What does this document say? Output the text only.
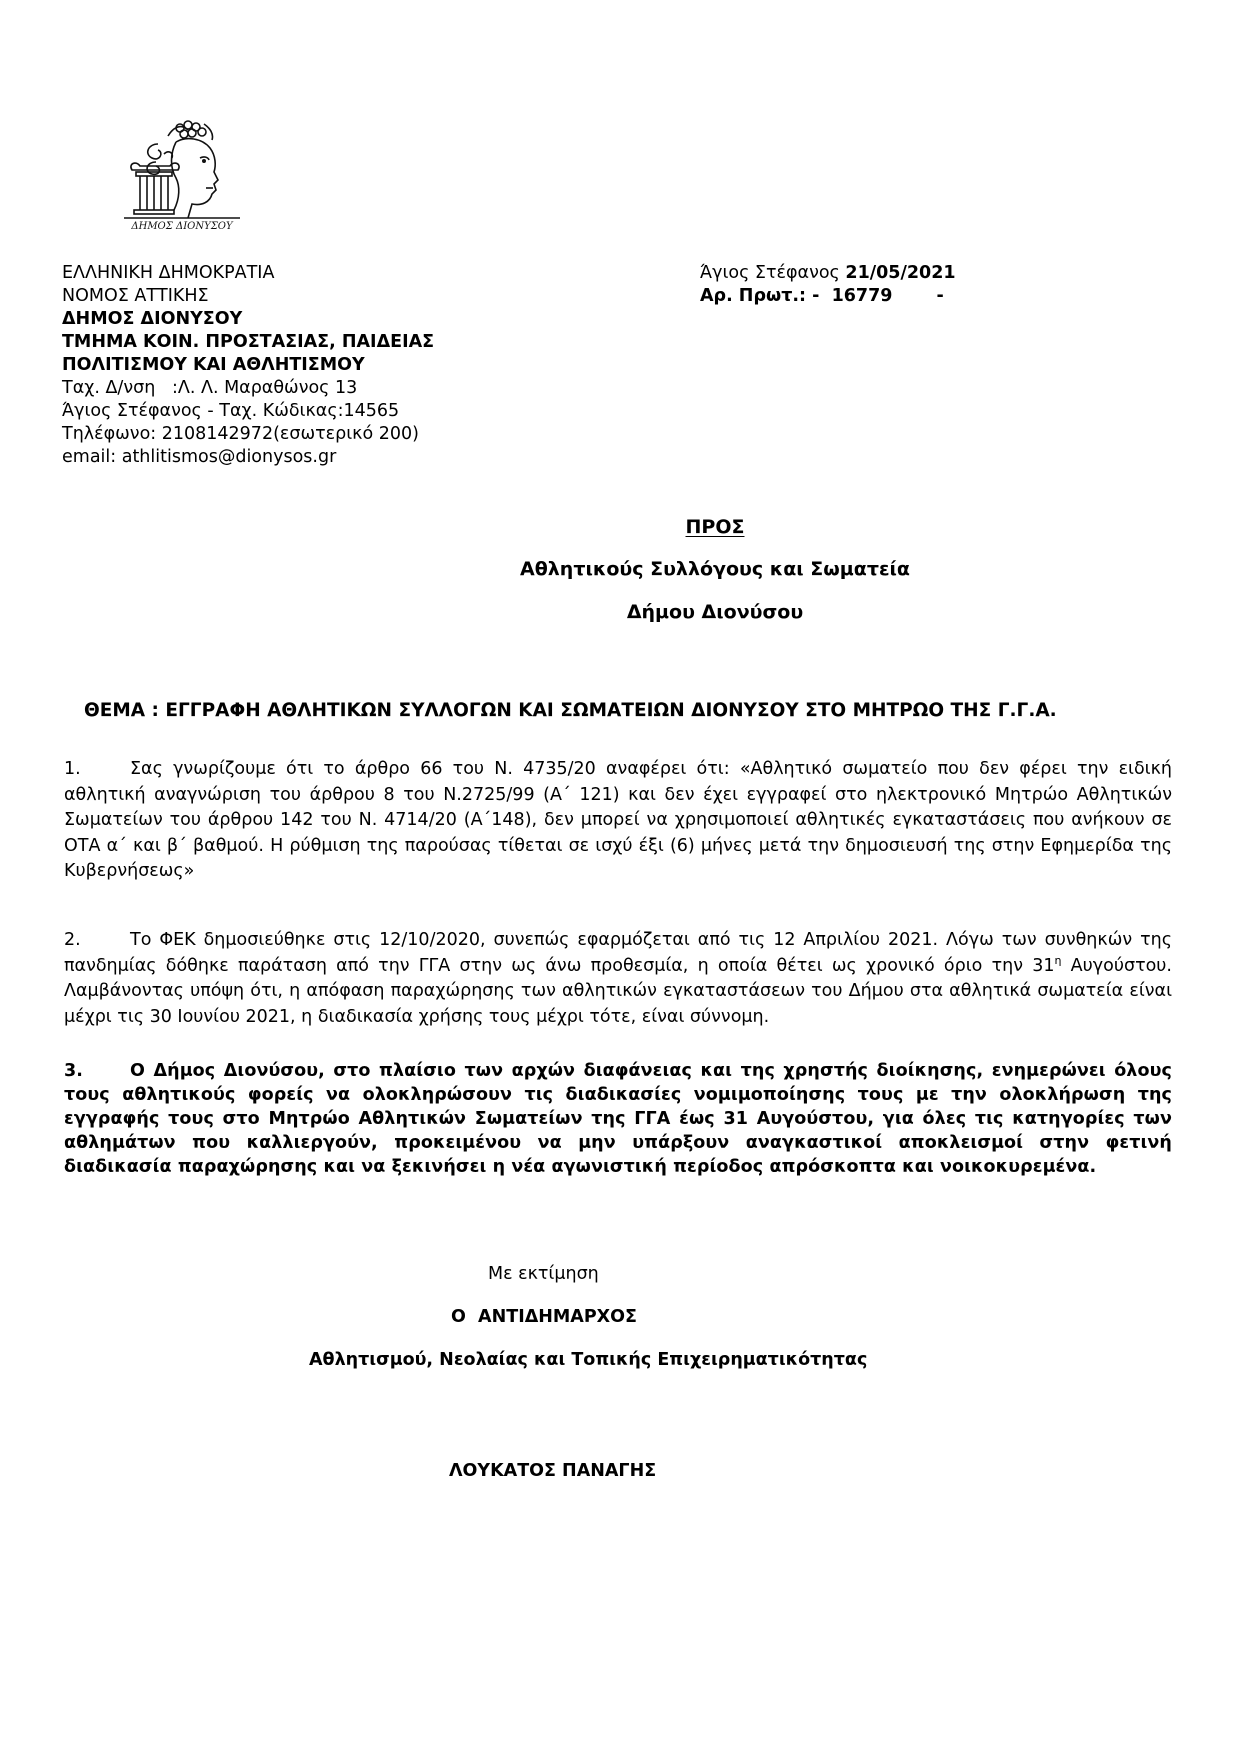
ΔΗΜΟΣ ΔΙΟΝΥΣΟΥ
ΕΛΛΗΝΙΚΗ ΔΗΜΟΚΡΑΤΙΑ
ΝΟΜΟΣ ΑΤΤΙΚΗΣ
ΔΗΜΟΣ ΔΙΟΝΥΣΟΥ
ΤΜΗΜΑ ΚΟΙΝ. ΠΡΟΣΤΑΣΙΑΣ, ΠΑΙΔΕΙΑΣ
ΠΟΛΙΤΙΣΜΟΥ ΚΑΙ ΑΘΛΗΤΙΣΜΟΥ
Ταχ. Δ/νση   :Λ. Λ. Μαραθώνος 13
Άγιος Στέφανος - Ταχ. Κώδικας:14565
Τηλέφωνο: 2108142972(εσωτερικό 200)
email: athlitismos@dionysos.gr
Άγιος Στέφανος 21/05/2021
Αρ. Πρωτ.: -  16779	-
ΠΡΟΣ
Αθλητικούς Συλλόγους και Σωματεία
Δήμου Διονύσου
ΘΕΜΑ : ΕΓΓΡΑΦΗ ΑΘΛΗΤΙΚΩΝ ΣΥΛΛΟΓΩΝ ΚΑΙ ΣΩΜΑΤΕΙΩΝ ΔΙΟΝΥΣΟΥ ΣΤΟ ΜΗΤΡΩΟ ΤΗΣ Γ.Γ.Α.
1.	Σας γνωρίζουμε ότι το άρθρο 66 του Ν. 4735/20 αναφέρει ότι: «Αθλητικό σωματείο που δεν φέρει την ειδική αθλητική αναγνώριση του άρθρου 8 του Ν.2725/99 (Α΄ 121) και δεν έχει εγγραφεί στο ηλεκτρονικό Μητρώο Αθλητικών Σωματείων του άρθρου 142 του Ν. 4714/20 (Α΄148), δεν μπορεί να χρησιμοποιεί αθλητικές εγκαταστάσεις που ανήκουν σε ΟΤΑ α΄ και β΄ βαθμού. Η ρύθμιση της παρούσας τίθεται σε ισχύ έξι (6) μήνες μετά την δημοσιευσή της στην Εφημερίδα της Κυβερνήσεως»
2.	Το ΦΕΚ δημοσιεύθηκε στις 12/10/2020, συνεπώς εφαρμόζεται από τις 12 Απριλίου 2021. Λόγω των συνθηκών της πανδημίας δόθηκε παράταση από την ΓΓΑ στην ως άνω προθεσμία, η οποία θέτει ως χρονικό όριο την $31^\eta$ Αυγούστου. Λαμβάνοντας υπόψη ότι, η απόφαση παραχώρησης των αθλητικών εγκαταστάσεων του Δήμου στα αθλητικά σωματεία είναι μέχρι τις 30 Ιουνίου 2021, η διαδικασία χρήσης τους μέχρι τότε, είναι σύννομη.
3.	Ο Δήμος Διονύσου, στο πλαίσιο των αρχών διαφάνειας και της χρηστής διοίκησης, ενημερώνει όλους τους αθλητικούς φορείς να ολοκληρώσουν τις διαδικασίες νομιμοποίησης τους με την ολοκλήρωση της εγγραφής τους στο Μητρώο Αθλητικών Σωματείων της ΓΓΑ έως 31 Αυγούστου, για όλες τις κατηγορίες των αθλημάτων που καλλιεργούν, προκειμένου να μην υπάρξουν αναγκαστικοί αποκλεισμοί στην φετινή διαδικασία παραχώρησης και να ξεκινήσει η νέα αγωνιστική περίοδος απρόσκοπτα και νοικοκυρεμένα.
Με εκτίμηση
Ο  ΑΝΤΙΔΗΜΑΡΧΟΣ
Αθλητισμού, Νεολαίας και Τοπικής Επιχειρηματικότητας
ΛΟΥΚΑΤΟΣ ΠΑΝΑΓΗΣ
